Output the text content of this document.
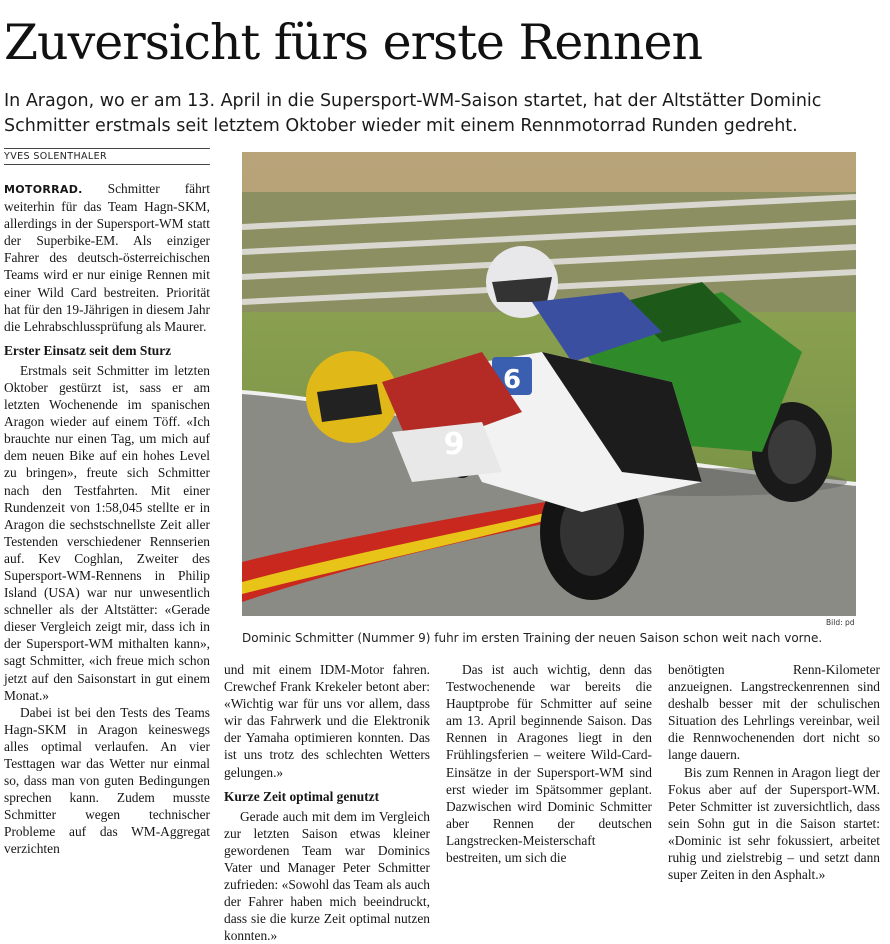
Zuversicht fürs erste Rennen

In Aragon, wo er am 13. April in die Supersport-WM-Saison startet, hat der Altstätter Dominic Schmitter erstmals seit letztem Oktober wieder mit einem Rennmotorrad Runden gedreht.

YVES SOLENTHALER

MOTORRAD. Schmitter fährt weiterhin für das Team Hagn-SKM, allerdings in der Supersport-WM statt der Superbike-EM. Als einziger Fahrer des deutsch-österreichischen Teams wird er nur einige Rennen mit einer Wild Card bestreiten. Priorität hat für den 19-Jährigen in diesem Jahr die Lehrabschlussprüfung als Maurer.

Erster Einsatz seit dem Sturz

Erstmals seit Schmitter im letzten Oktober gestürzt ist, sass er am letzten Wochenende im spanischen Aragon wieder auf einem Töff. «Ich brauchte nur einen Tag, um mich auf dem neuen Bike auf ein hohes Level zu bringen», freute sich Schmitter nach den Testfahrten. Mit einer Rundenzeit von 1:58,045 stellte er in Aragon die sechstschnellste Zeit aller Testenden verschiedener Rennserien auf. Kev Coghlan, Zweiter des Supersport-WM-Rennens in Philip Island (USA) war nur unwesentlich schneller als der Altstätter: «Gerade dieser Vergleich zeigt mir, dass ich in der Supersport-WM mithalten kann», sagt Schmitter, «ich freue mich schon jetzt auf den Saisonstart in gut einem Monat.»

Dabei ist bei den Tests des Teams Hagn-SKM in Aragon keineswegs alles optimal verlaufen. An vier Testtagen war das Wetter nur einmal so, dass man von guten Bedingungen sprechen kann. Zudem musste Schmitter wegen technischer Probleme auf das WM-Aggregat verzichten

9
6
Bild: pd

Dominic Schmitter (Nummer 9) fuhr im ersten Training der neuen Saison schon weit nach vorne.

und mit einem IDM-Motor fahren. Crewchef Frank Krekeler betont aber: «Wichtig war für uns vor allem, dass wir das Fahrwerk und die Elektronik der Yamaha optimieren konnten. Das ist uns trotz des schlechten Wetters gelungen.»

Kurze Zeit optimal genutzt

Gerade auch mit dem im Vergleich zur letzten Saison etwas kleiner gewordenen Team war Dominics Vater und Manager Peter Schmitter zufrieden: «Sowohl das Team als auch der Fahrer haben mich beeindruckt, dass sie die kurze Zeit optimal nutzen konnten.»

Das ist auch wichtig, denn das Testwochenende war bereits die Hauptprobe für Schmitter auf seine am 13. April beginnende Saison. Das Rennen in Aragones liegt in den Frühlingsferien – weitere Wild-Card-Einsätze in der Supersport-WM sind erst wieder im Spätsommer geplant. Dazwischen wird Dominic Schmitter aber Rennen der deutschen Langstrecken-Meisterschaft bestreiten, um sich die

benötigten Renn-Kilometer anzueignen. Langstreckenrennen sind deshalb besser mit der schulischen Situation des Lehrlings vereinbar, weil die Rennwochenenden dort nicht so lange dauern.

Bis zum Rennen in Aragon liegt der Fokus aber auf der Supersport-WM. Peter Schmitter ist zuversichtlich, dass sein Sohn gut in die Saison startet: «Dominic ist sehr fokussiert, arbeitet ruhig und zielstrebig – und setzt dann super Zeiten in den Asphalt.»
